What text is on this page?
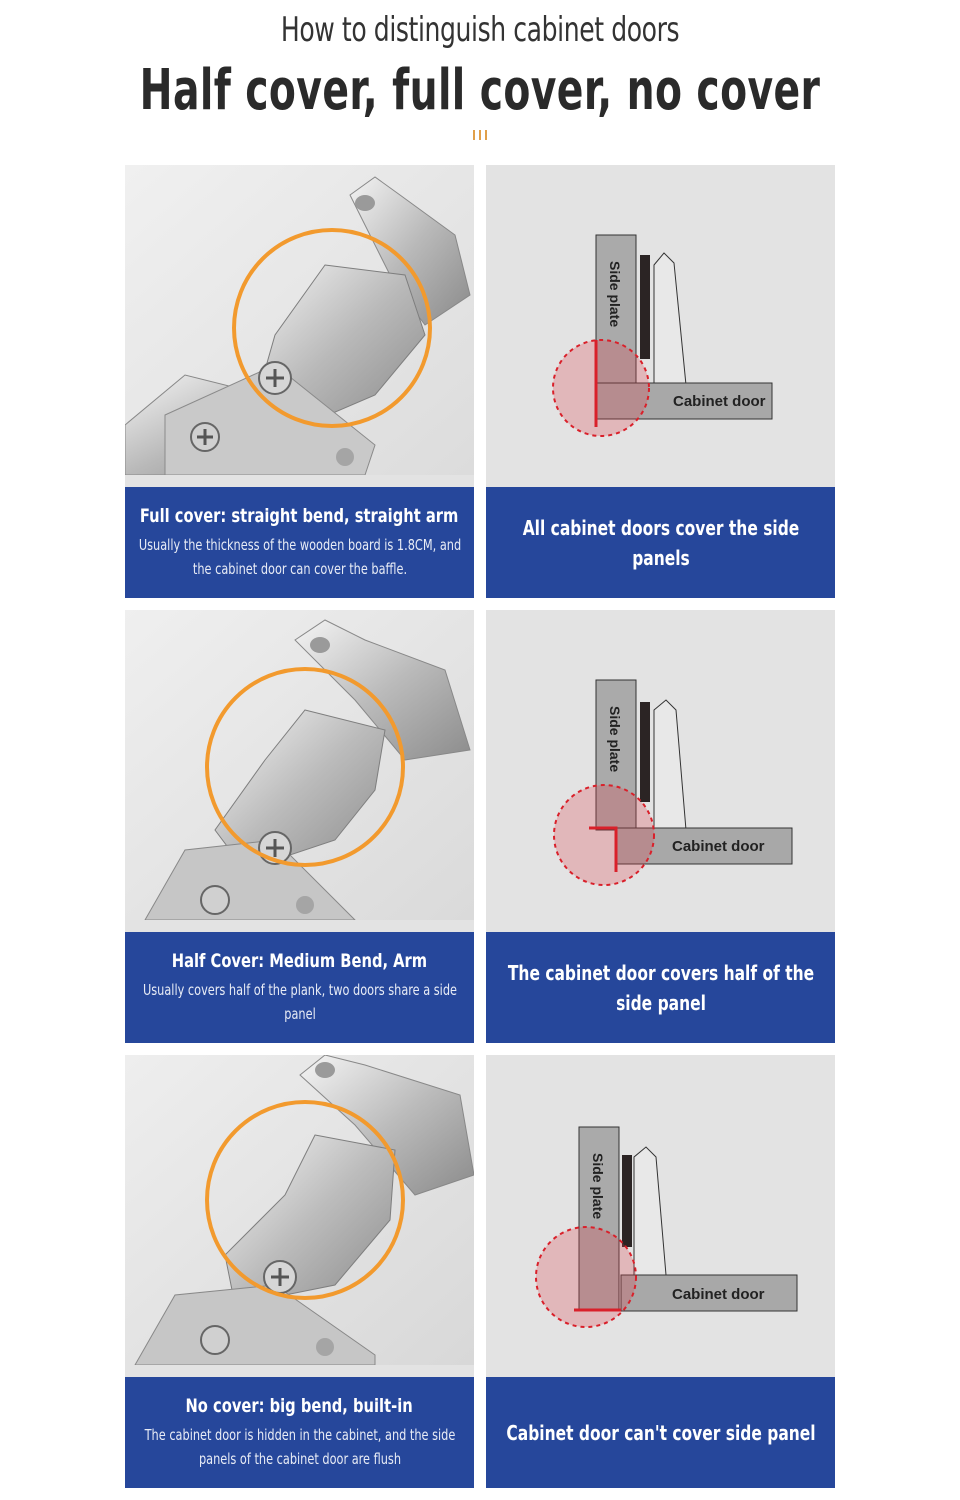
How to distinguish cabinet doors
Half cover, full cover, no cover
Full cover: straight bend, straight arm
Usually the thickness of the wooden board is 1.8CM, and the cabinet door can cover the baffle.
Side plate
Cabinet door
All cabinet doors cover the side panels
Half Cover: Medium Bend, Arm
Usually covers half of the plank, two doors share a side panel
Side plate
Cabinet door
The cabinet door covers half of the side panel
No cover: big bend, built-in
The cabinet door is hidden in the cabinet, and the side panels of the cabinet door are flush
Side plate
Cabinet door
Cabinet door can't cover side panel
